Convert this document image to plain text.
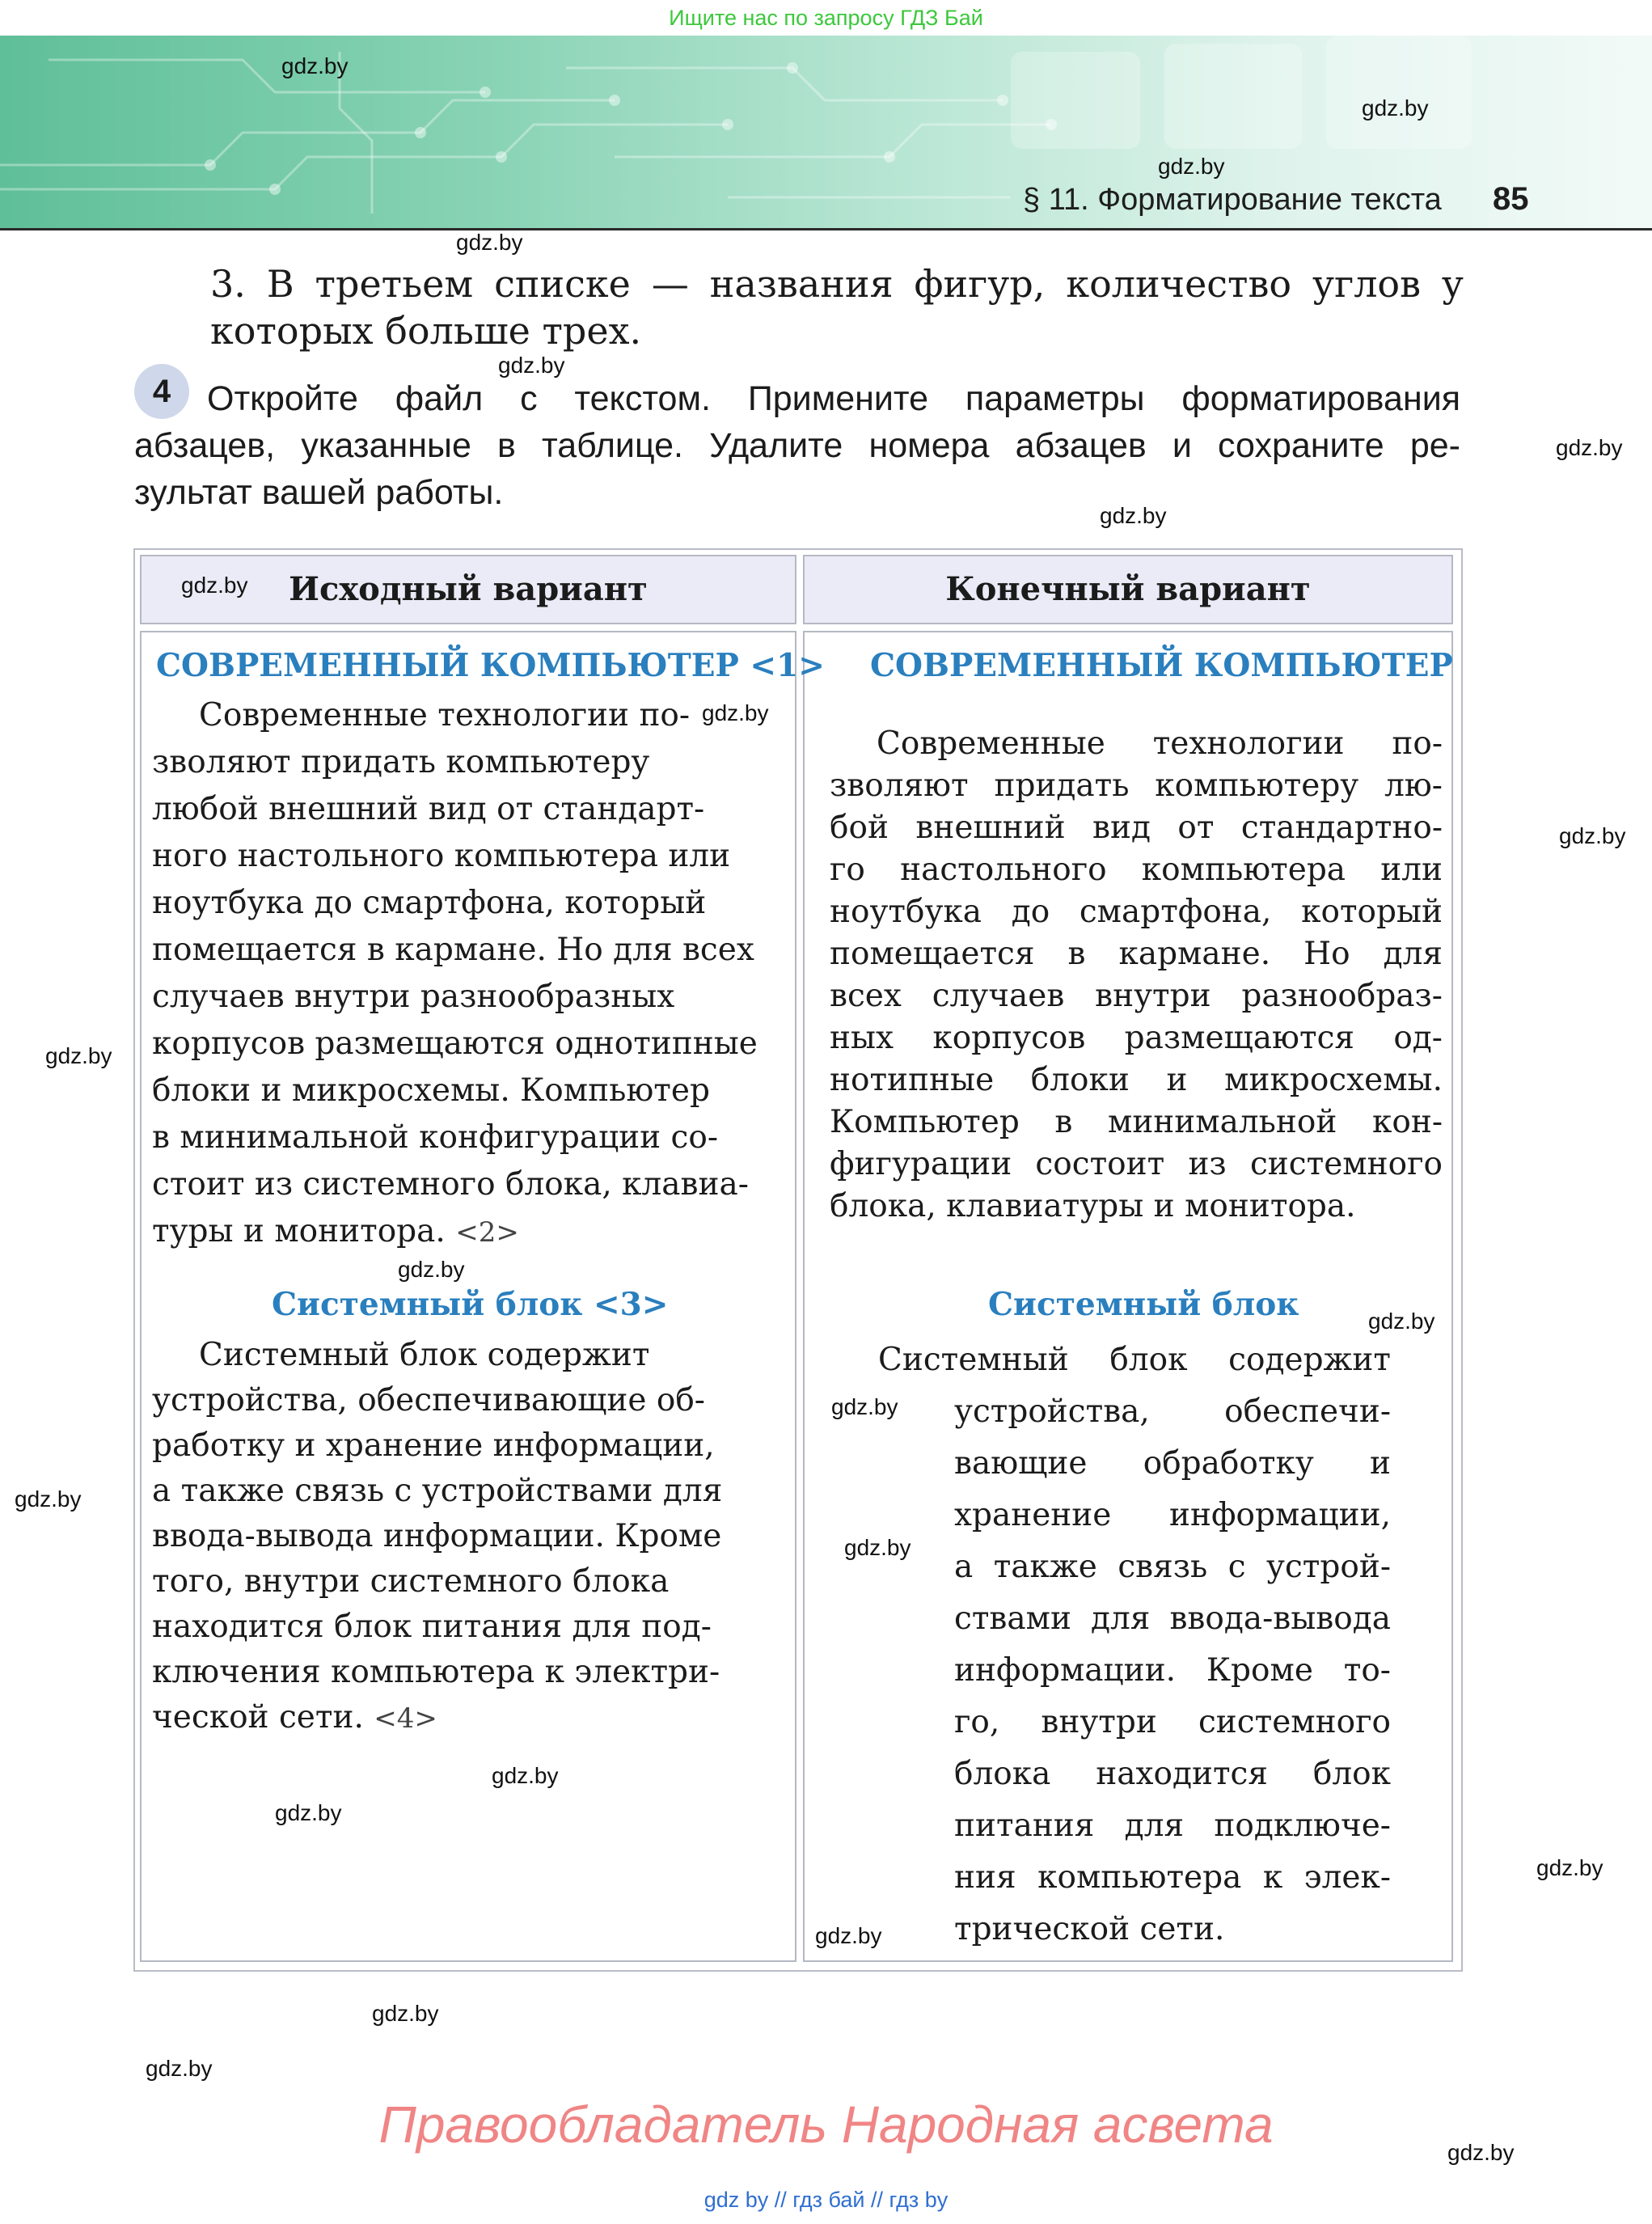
Ищите нас по запросу ГДЗ Бай
§ 11. Форматирование текста 85
3. В третьем списке — названия фигур, количество углов у
которых больше трех.
4	Откройте файл с текстом. Примените параметры форматирования
абзацев, указанные в таблице. Удалите номера абзацев и сохраните ре-
зультат вашей работы.
Исходный вариант	Конечный вариант
СОВРЕМЕННЫЙ КОМПЬЮТЕР <1>
Современные технологии по-
зволяют придать компьютеру
любой внешний вид от стандарт-
ного настольного компьютера или
ноутбука до смартфона, который
помещается в кармане. Но для всех
случаев внутри разнообразных
корпусов размещаются однотипные
блоки и микросхемы. Компьютер
в минимальной конфигурации со-
стоит из системного блока, клавиа-
туры и монитора. <2>
Системный блок <3>
Системный блок содержит
устройства, обеспечивающие об-
работку и хранение информации,
а также связь с устройствами для
ввода-вывода информации. Кроме
того, внутри системного блока
находится блок питания для под-
ключения компьютера к электри-
ческой сети. <4>
СОВРЕМЕННЫЙ КОМПЬЮТЕР
Современные технологии по-
зволяют придать компьютеру лю-
бой внешний вид от стандартно-
го настольного компьютера или
ноутбука до смартфона, который
помещается в кармане. Но для
всех случаев внутри разнообраз-
ных корпусов размещаются од-
нотипные блоки и микросхемы.
Компьютер в минимальной кон-
фигурации состоит из системного
блока, клавиатуры и монитора.
Системный блок
Системный блок содержит
устройства, обеспечи-
вающие обработку и
хранение информации,
а также связь с устрой-
ствами для ввода-вывода
информации. Кроме то-
го, внутри системного
блока находится блок
питания для подключе-
ния компьютера к элек-
трической сети.
gdz.by
gdz.by
gdz.by
gdz.by
gdz.by
gdz.by
gdz.by
gdz.by
gdz.by
gdz.by
gdz.by
gdz.by
gdz.by
gdz.by
gdz.by
gdz.by
gdz.by
gdz.by
gdz.by
gdz.by
gdz.by
gdz.by
gdz.by
Правообладатель Народная асвета
gdz by // гдз бай // гдз by
